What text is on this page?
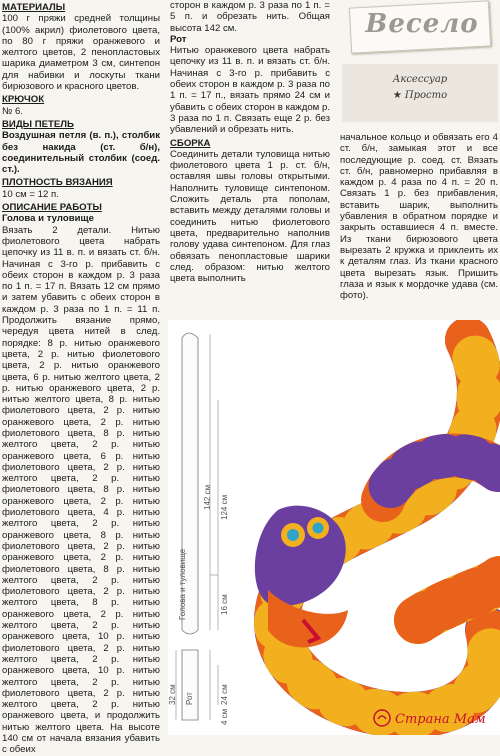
МАТЕРИАЛЫ

100 г пряжи средней толщины (100% акрил) фиолетового цвета, по 80 г пряжи оранжевого и желтого цветов, 2 пенопластовых шарика диаметром 3 см, синтепон для набивки и лоскуты ткани бирюзового и красного цветов.

КРЮЧОК

№ 6.

ВИДЫ ПЕТЕЛЬ

Воздушная петля (в. п.), столбик без накида (ст. б/н), соединительный столбик (соед. ст.).

ПЛОТНОСТЬ ВЯЗАНИЯ

10 см = 12 п.

ОПИСАНИЕ РАБОТЫ

Голова и туловище

Вязать 2 детали. Нитью фиолетового цвета набрать цепочку из 11 в. п. и вязать ст. б/н. Начиная с 3-го р. прибавить с обеих сторон в каждом р. 3 раза по 1 п. = 17 п. Вязать 12 см прямо и затем убавить с обеих сторон в каждом р. 3 раза по 1 п. = 11 п. Продолжить вязание прямо, чередуя цвета нитей в след. порядке: 8 р. нитью оранжевого цвета, 2 р. нитью фиолетового цвета, 2 р. нитью оранжевого цвета, 6 р. нитью желтого цвета, 2 р. нитью оранжевого цвета, 2 р. нитью желтого цвета, 8 р. нитью фиолетового цвета, 2 р. нитью оранжевого цвета, 2 р. нитью фиолетового цвета, 8 р. нитью желтого цвета, 2 р. нитью оранжевого цвета, 6 р. нитью фиолетового цвета, 2 р. нитью желтого цвета, 2 р. нитью фиолетового цвета, 8 р. нитью оранжевого цвета, 2 р. нитью фиолетового цвета, 4 р. нитью желтого цвета, 2 р. нитью оранжевого цвета, 8 р. нитью фиолетового цвета, 2 р. нитью оранжевого цвета, 2 р. нитью фиолетового цвета, 8 р. нитью желтого цвета, 2 р. нитью фиолетового цвета, 2 р. нитью желтого цвета, 8 р. нитью оранжевого цвета, 2 р. нитью желтого цвета, 2 р. нитью оранжевого цвета, 10 р. нитью фиолетового цвета, 2 р. нитью желтого цвета, 2 р. нитью оранжевого цвета, 10 р. нитью желтого цвета, 2 р. нитью фиолетового цвета, 2 р. нитью желтого цвета, 2 р. нитью оранжевого цвета, и продолжить нитью желтого цвета. На высоте 140 см от начала вязания убавить с обеих

сторон в каждом р. 3 раза по 1 п. = 5 п. и обрезать нить. Общая высота 142 см.

Рот

Нитью оранжевого цвета набрать цепочку из 11 в. п. и вязать ст. б/н. Начиная с 3-го р. прибавить с обеих сторон в каждом р. 3 раза по 1 п. = 17 п., вязать прямо 24 см и убавить с обеих сторон в каждом р. 3 раза по 1 п. Связать еще 2 р. без убавлений и обрезать нить.

СБОРКА

Соединить детали туловища нитью фиолетового цвета 1 р. ст. б/н, оставляя швы головы открытыми. Наполнить туловище синтепоном. Сложить деталь рта пополам, вставить между деталями головы и соединить нитью фиолетового цвета, предварительно наполнив голову удава синтепоном. Для глаз обвязать пенопластовые шарики след. образом: нитью желтого цвета выполнить

Весело
Аксессуар
★ Просто

начальное кольцо и обвязать его 4 ст. б/н, замыкая этот и все последующие р. соед. ст. Вязать ст. б/н, равномерно прибавляя в каждом р. 4 раза по 4 п. = 20 п. Связать 1 р. без прибавления, вставить шарик, выполнить убавления в обратном порядке и закрыть оставшиеся 4 п. вместе. Из ткани бирюзового цвета вырезать 2 кружка и приклеить их к деталям глаз. Из ткани красного цвета вырезать язык. Пришить глаза и язык к мордочке удава (см. фото).

Голова и туловище
142 см 124 см
16 см
Рот
32 см	24 см
4 см	Страна Мам
